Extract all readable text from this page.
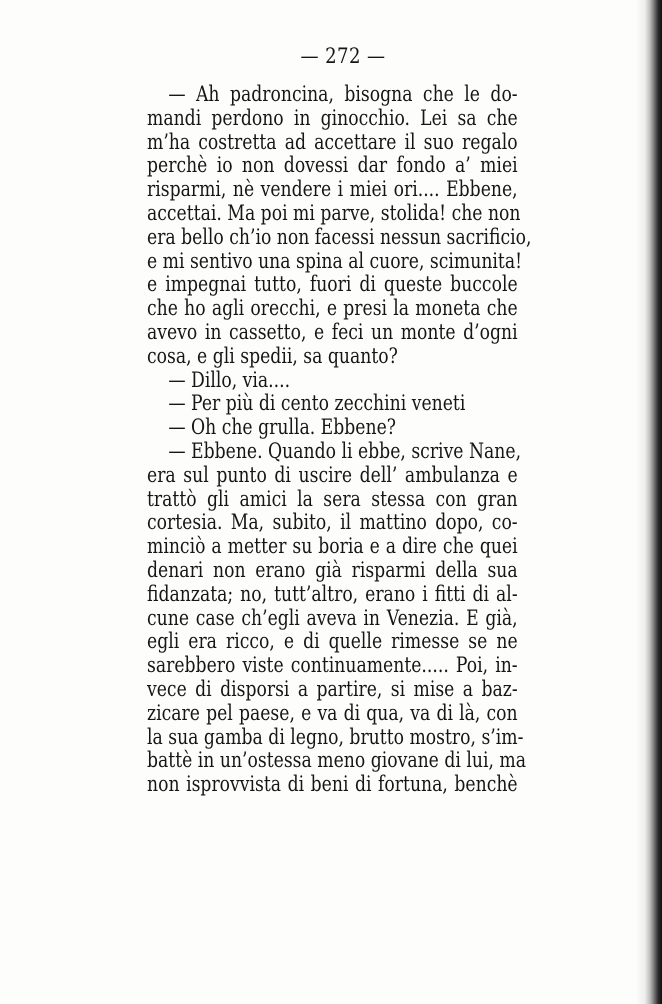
— 272 —
— Ah padroncina, bisogna che le do-
mandi perdono in ginocchio. Lei sa che
m’ha costretta ad accettare il suo regalo
perchè io non dovessi dar fondo a’ miei
risparmi, nè vendere i miei ori.... Ebbene,
accettai. Ma poi mi parve, stolida! che non
era bello ch’io non facessi nessun sacrificio,
e mi sentivo una spina al cuore, scimunita!
e impegnai tutto, fuori di queste buccole
che ho agli orecchi, e presi la moneta che
avevo in cassetto, e feci un monte d’ogni
cosa, e gli spedii, sa quanto?
— Dillo, via....
— Per più di cento zecchini veneti
— Oh che grulla. Ebbene?
— Ebbene. Quando li ebbe, scrive Nane,
era sul punto di uscire dell’ ambulanza e
trattò gli amici la sera stessa con gran
cortesia. Ma, subito, il mattino dopo, co-
minciò a metter su boria e a dire che quei
denari non erano già risparmi della sua
fidanzata; no, tutt’altro, erano i fitti di al-
cune case ch’egli aveva in Venezia. E già,
egli era ricco, e di quelle rimesse se ne
sarebbero viste continuamente..... Poi, in-
vece di disporsi a partire, si mise a baz-
zicare pel paese, e va di qua, va di là, con
la sua gamba di legno, brutto mostro, s’im-
battè in un’ostessa meno giovane di lui, ma
non isprovvista di beni di fortuna, benchè
